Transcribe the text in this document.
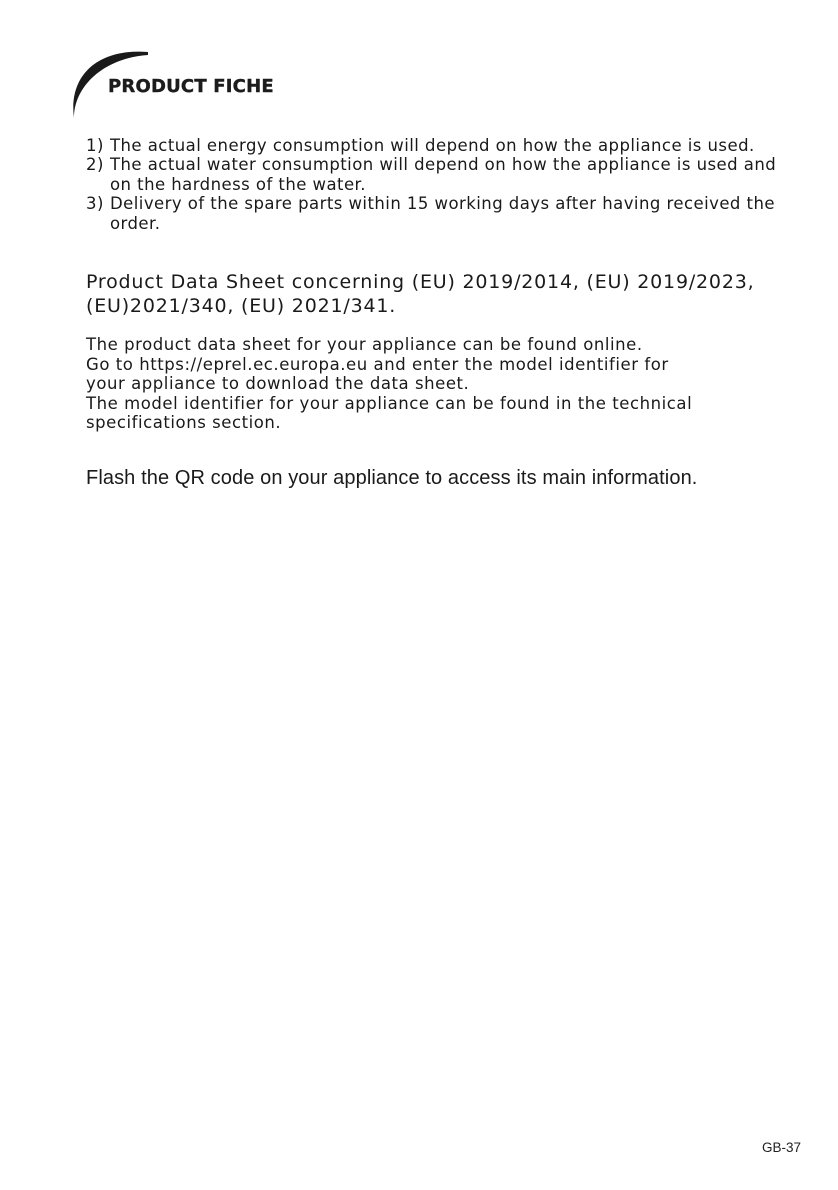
PRODUCT FICHE
1) The actual energy consumption will depend on how the appliance is used.
2) The actual water consumption will depend on how the appliance is used and on the hardness of the water.
3) Delivery of the spare parts within 15 working days after having received the order.
Product Data Sheet concerning (EU) 2019/2014, (EU) 2019/2023, (EU)2021/340, (EU) 2021/341.

The product data sheet for your appliance can be found online.
Go to https://eprel.ec.europa.eu and enter the model identifier for
your appliance to download the data sheet.
The model identifier for your appliance can be found in the technical
specifications section.

Flash the QR code on your appliance to access its main information.

GB-37
